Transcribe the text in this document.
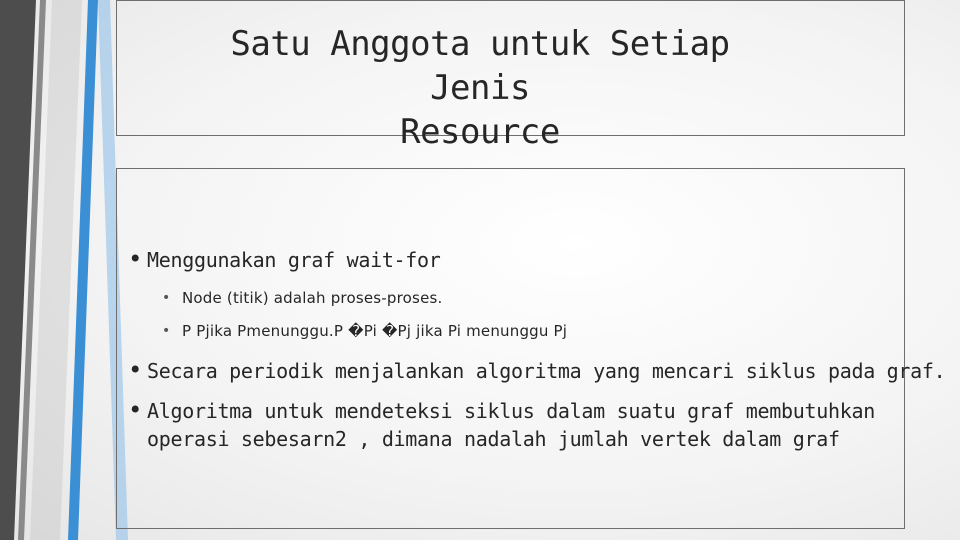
Satu Anggota untuk Setiap Jenis
Resource
• Menggunakan graf wait-for
• Node (titik) adalah proses-proses.
• P Pjika Pmenunggu.P �Pi �Pj jika Pi menunggu Pj
• Secara periodik menjalankan algoritma yang mencari siklus pada graf.
• Algoritma untuk mendeteksi siklus dalam suatu graf membutuhkan
operasi sebesarn2 , dimana nadalah jumlah vertek dalam graf
